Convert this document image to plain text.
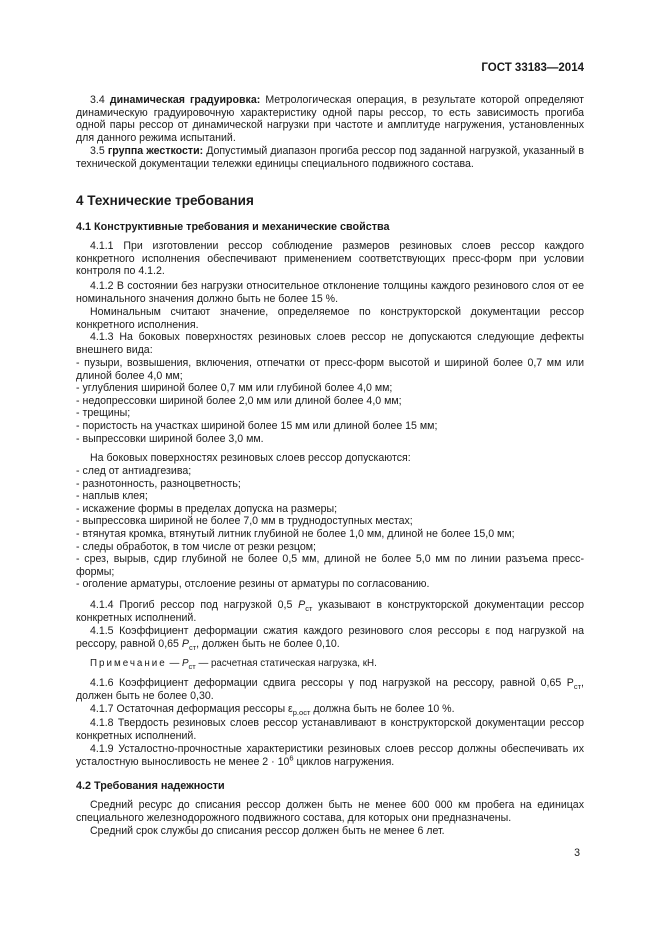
ГОСТ 33183—2014

3.4 динамическая градуировка: Метрологическая операция, в результате которой определяют динамическую градуировочную характеристику одной пары рессор, то есть зависимость прогиба одной пары рессор от динамической нагрузки при частоте и амплитуде нагружения, установленных для данного режима испытаний.

3.5 группа жесткости: Допустимый диапазон прогиба рессор под заданной нагрузкой, указанный в технической документации тележки единицы специального подвижного состава.

4 Технические требования
4.1 Конструктивные требования и механические свойства

4.1.1 При изготовлении рессор соблюдение размеров резиновых слоев рессор каждого конкретного исполнения обеспечивают применением соответствующих пресс-форм при условии контроля по 4.1.2.

4.1.2 В состоянии без нагрузки относительное отклонение толщины каждого резинового слоя от ее номинального значения должно быть не более 15 %.

Номинальным считают значение, определяемое по конструкторской документации рессор конкретного исполнения.

4.1.3 На боковых поверхностях резиновых слоев рессор не допускаются следующие дефекты внешнего вида:

- пузыри, возвышения, включения, отпечатки от пресс-форм высотой и шириной более 0,7 мм или длиной более 4,0 мм;
- углубления шириной более 0,7 мм или глубиной более 4,0 мм;
- недопрессовки шириной более 2,0 мм или длиной более 4,0 мм;
- трещины;
- пористость на участках шириной более 15 мм или длиной более 15 мм;
- выпрессовки шириной более 3,0 мм.

На боковых поверхностях резиновых слоев рессор допускаются:

- след от антиадгезива;
- разнотонность, разноцветность;
- наплыв клея;
- искажение формы в пределах допуска на размеры;
- выпрессовка шириной не более 7,0 мм в труднодоступных местах;
- втянутая кромка, втянутый литник глубиной не более 1,0 мм, длиной не более 15,0 мм;
- следы обработок, в том числе от резки резцом;
- срез, вырыв, сдир глубиной не более 0,5 мм, длиной не более 5,0 мм по линии разъема пресс-формы;
- оголение арматуры, отслоение резины от арматуры по согласованию.

4.1.4 Прогиб рессор под нагрузкой 0,5 $P_{ст}$ указывают в конструкторской документации рессор конкретных исполнений.

4.1.5 Коэффициент деформации сжатия каждого резинового слоя рессоры ε под нагрузкой на рессору, равной 0,65 $P_{ст}$, должен быть не более 0,10.

Примечание — $P_{ст}$ — расчетная статическая нагрузка, кН.

4.1.6 Коэффициент деформации сдвига рессоры γ под нагрузкой на рессору, равной 0,65 $P_{ст}$, должен быть не более 0,30.

4.1.7 Остаточная деформация рессоры $\varepsilon_{р.ост}$ должна быть не более 10 %.

4.1.8 Твердость резиновых слоев рессор устанавливают в конструкторской документации рессор конкретных исполнений.

4.1.9 Усталостно-прочностные характеристики резиновых слоев рессор должны обеспечивать их усталостную выносливость не менее $2 \cdot 10^6$ циклов нагружения.

4.2 Требования надежности

Средний ресурс до списания рессор должен быть не менее 600 000 км пробега на единицах специального железнодорожного подвижного состава, для которых они предназначены.

Средний срок службы до списания рессор должен быть не менее 6 лет.

3
